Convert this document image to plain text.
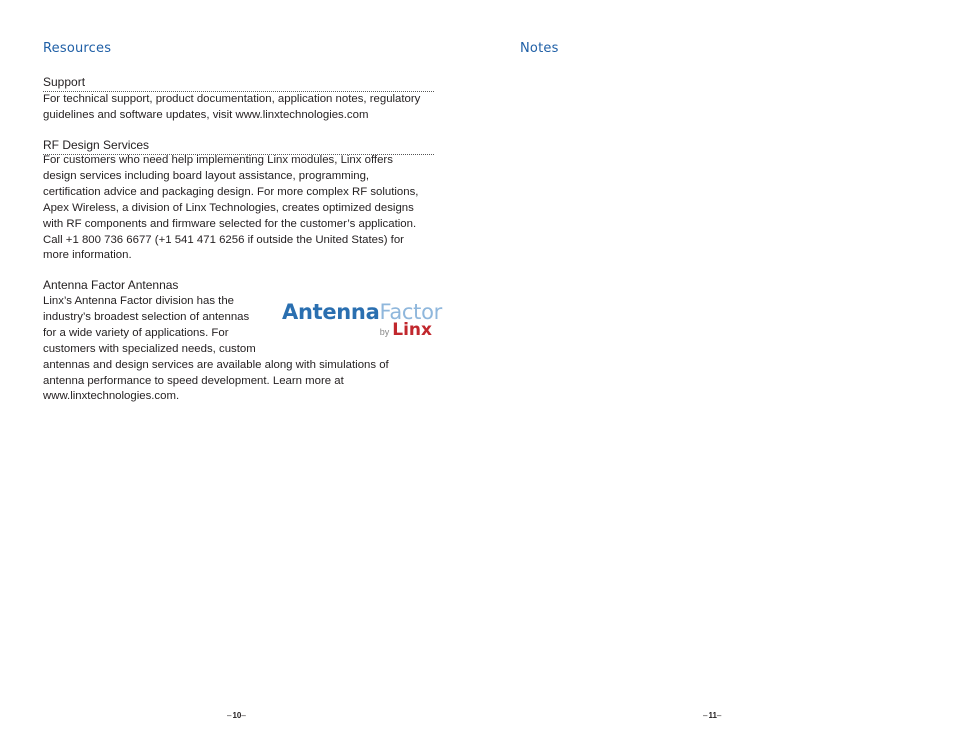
Resources
Support
For technical support, product documentation, application notes, regulatory
guidelines and software updates, visit www.linxtechnologies.com
RF Design Services
For customers who need help implementing Linx modules, Linx offers
design services including board layout assistance, programming,
certification advice and packaging design. For more complex RF solutions,
Apex Wireless, a division of Linx Technologies, creates optimized designs
with RF components and firmware selected for the customer’s application.
Call +1 800 736 6677 (+1 541 471 6256 if outside the United States) for
more information.
Antenna Factor Antennas
Linx’s Antenna Factor division has the
industry’s broadest selection of antennas
for a wide variety of applications. For
customers with specialized needs, custom
antennas and design services are available along with simulations of
antenna performance to speed development. Learn more at
www.linxtechnologies.com.
AntennaFactor
by Linx
–10–
Notes
–11–
